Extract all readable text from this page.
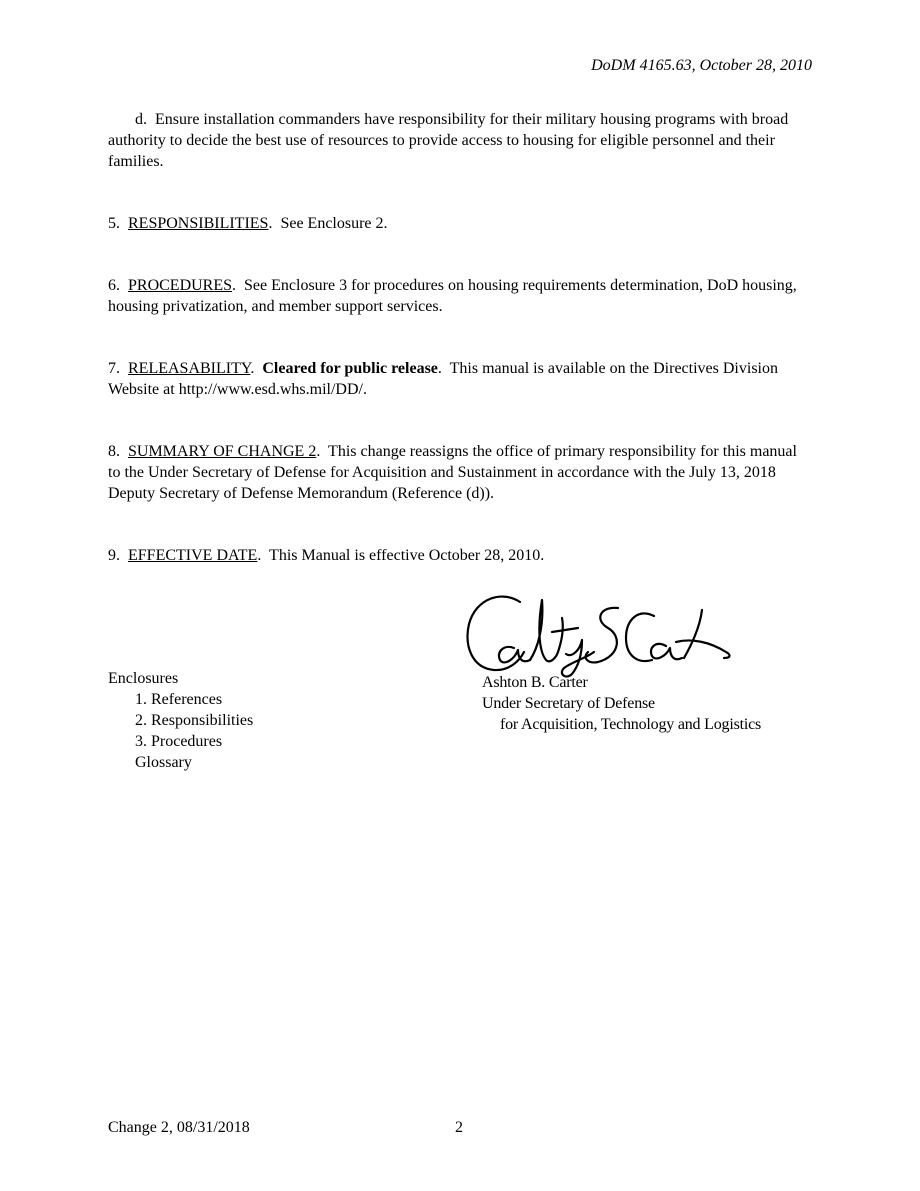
DoDM 4165.63, October 28, 2010
d. Ensure installation commanders have responsibility for their military housing programs with broad authority to decide the best use of resources to provide access to housing for eligible personnel and their families.
5. RESPONSIBILITIES.  See Enclosure 2.
6. PROCEDURES.  See Enclosure 3 for procedures on housing requirements determination, DoD housing, housing privatization, and member support services.
7. RELEASABILITY.  Cleared for public release.  This manual is available on the Directives Division Website at http://www.esd.whs.mil/DD/.
8. SUMMARY OF CHANGE 2.  This change reassigns the office of primary responsibility for this manual to the Under Secretary of Defense for Acquisition and Sustainment in accordance with the July 13, 2018 Deputy Secretary of Defense Memorandum (Reference (d)).
9. EFFECTIVE DATE.  This Manual is effective October 28, 2010.
Ashton B. Carter
Under Secretary of Defense
for Acquisition, Technology and Logistics
Enclosures
1. References
2. Responsibilities
3. Procedures
Glossary
Change 2, 08/31/2018	2
